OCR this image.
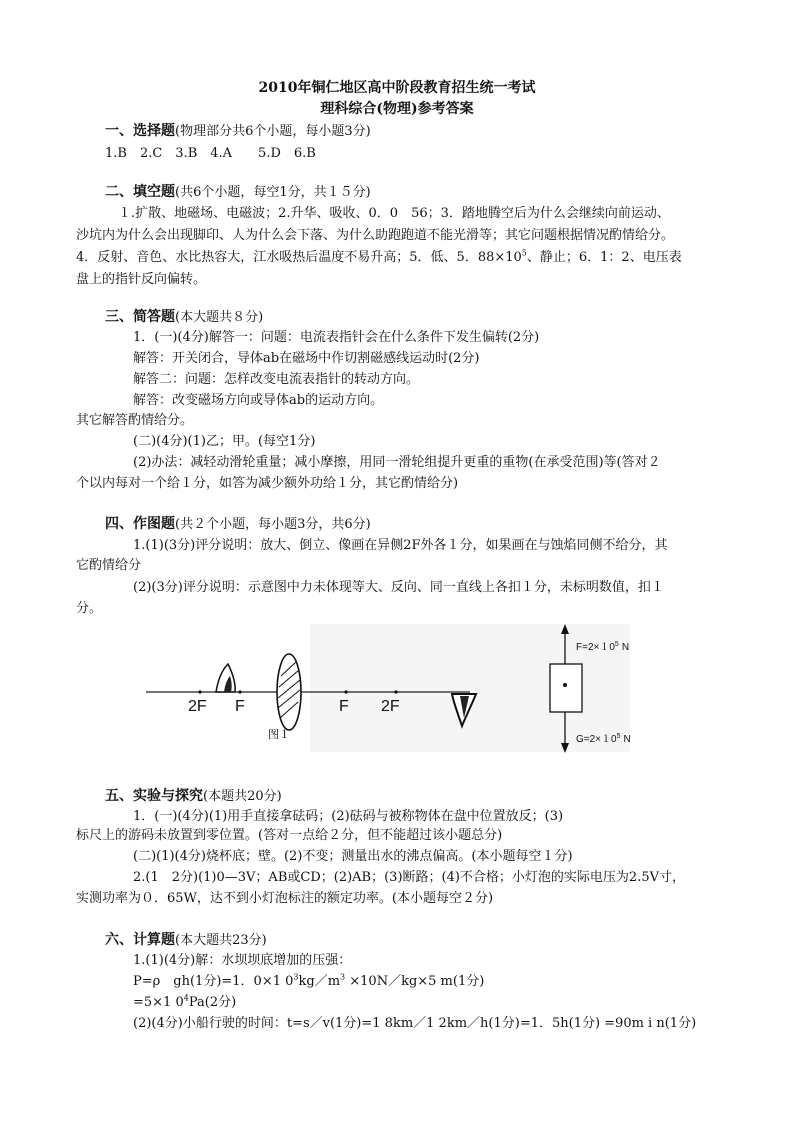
2010年铜仁地区高中阶段教育招生统一考试
理科综合(物理)参考答案
一、选择题(物理部分共6个小题，每小题3分)
1.B　2.C　3.B　4.A　　5.D　6.B
二、填空题(共6个小题，每空1分，共１５分)
１.扩散、地磁场、电磁波；2.升华、吸收、0．0　56；3．踏地腾空后为什么会继续向前运动、
沙坑内为什么会出现脚印、人为什么会下落、为什么助跑跑道不能光滑等；其它问题根据情况酌情给分。
4．反射、音色、水比热容大，江水吸热后温度不易升高；5．低、5．$88\times 10^5$、静止；6．1：2、电压表
盘上的指针反向偏转。
三、简答题(本大题共８分)
1．(一)(4分)解答一：问题：电流表指针会在什么条件下发生偏转(2分)
解答：开关闭合，导体ab在磁场中作切割磁感线运动时(2分)
解答二：问题：怎样改变电流表指针的转动方向。
解答：改变磁场方向或导体ab的运动方向。
其它解答酌情给分。
(二)(4分)(1)乙；甲。(每空1分)
(2)办法：减轻动滑轮重量；减小摩擦，用同一滑轮组提升更重的重物(在承受范围)等(答对２
个以内每对一个给１分，如答为减少额外功给１分，其它酌情给分)
四、作图题(共２个小题，每小题3分，共6分)
1.(1)(3分)评分说明：放大、倒立、像画在异侧2F外各１分，如果画在与蚀焰同侧不给分，其
它酌情给分
(2)(3分)评分说明：示意图中力未体现等大、反向、同一直线上各扣１分，未标明数值，扣１
分。
2F F	F 2F
图１
$F=2\times 10^5$ N
$G=2\times 10^5$ N
五、实验与探究(本题共20分)
1．(一)(4分)(1)用手直接拿砝码；(2)砝码与被称物体在盘中位置放反；(3)
标尺上的游码未放置到零位置。(答对一点给２分，但不能超过该小题总分)
(二)(1)(4分)烧杯底；壁。(2)不变；测量出水的沸点偏高。(本小题每空１分)
2.(1　2分)(1)0—3V；AB或CD；(2)AB；(3)断路；(4)不合格；小灯泡的实际电压为2.5V寸，
实测功率为０．65W，达不到小灯泡标注的额定功率。(本小题每空２分)
六、计算题(本大题共23分)
1.(1)(4分)解：水坝坝底增加的压强：
P=ρ　gh(1分)=1．0×1 $0^3kg/m^3$ ×10N／kg×5 m(1分)
=5×1 $0^4Pa(2$分)
(2)(4分)小船行驶的时间：t=s／v(1分)=1 8km／1 2km／h(1分)=1．5h(1分) =90m i n(1分)
